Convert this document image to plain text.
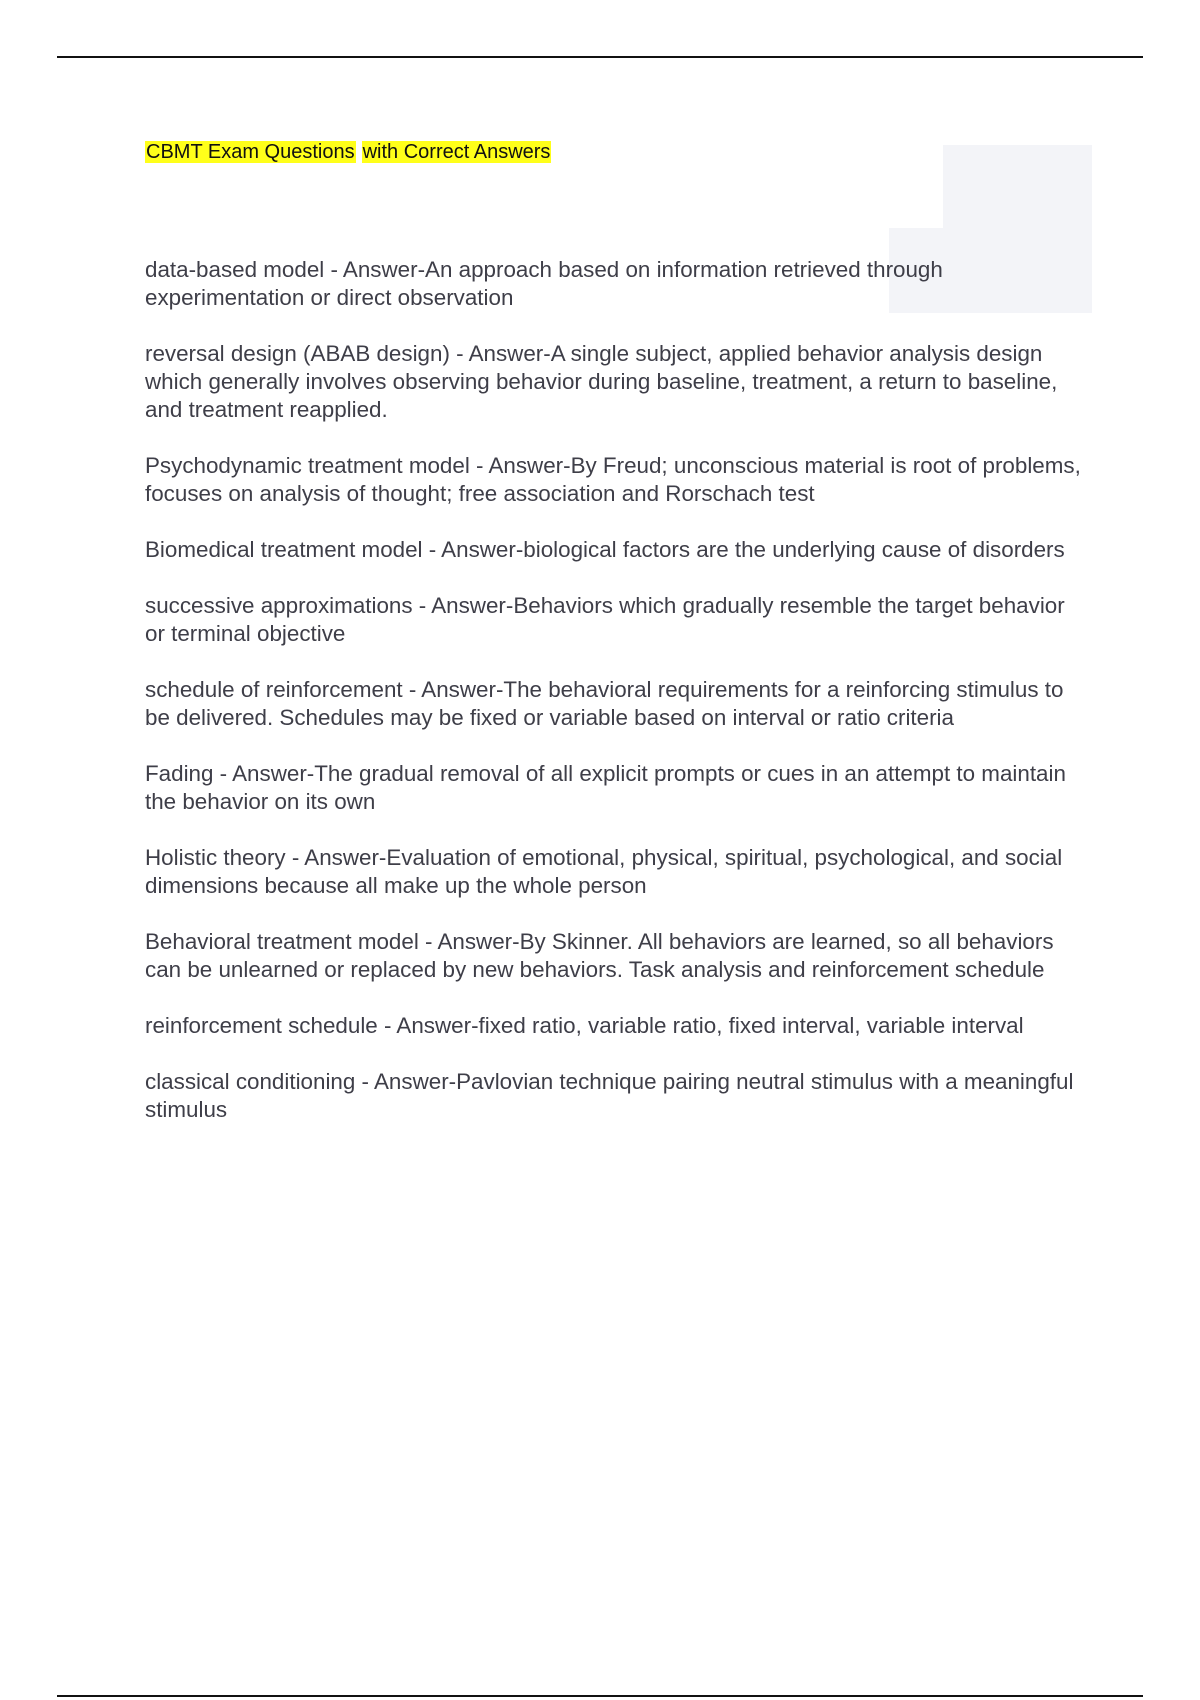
CBMT Exam Questions with Correct Answers

data-based model - Answer-An approach based on information retrieved through experimentation or direct observation

reversal design (ABAB design) - Answer-A single subject, applied behavior analysis design which generally involves observing behavior during baseline, treatment, a return to baseline, and treatment reapplied.

Psychodynamic treatment model - Answer-By Freud; unconscious material is root of problems, focuses on analysis of thought; free association and Rorschach test

Biomedical treatment model - Answer-biological factors are the underlying cause of disorders

successive approximations - Answer-Behaviors which gradually resemble the target behavior or terminal objective

schedule of reinforcement - Answer-The behavioral requirements for a reinforcing stimulus to be delivered. Schedules may be fixed or variable based on interval or ratio criteria

Fading - Answer-The gradual removal of all explicit prompts or cues in an attempt to maintain the behavior on its own

Holistic theory - Answer-Evaluation of emotional, physical, spiritual, psychological, and social dimensions because all make up the whole person

Behavioral treatment model - Answer-By Skinner. All behaviors are learned, so all behaviors can be unlearned or replaced by new behaviors. Task analysis and reinforcement schedule

reinforcement schedule - Answer-fixed ratio, variable ratio, fixed interval, variable interval

classical conditioning - Answer-Pavlovian technique pairing neutral stimulus with a meaningful stimulus
